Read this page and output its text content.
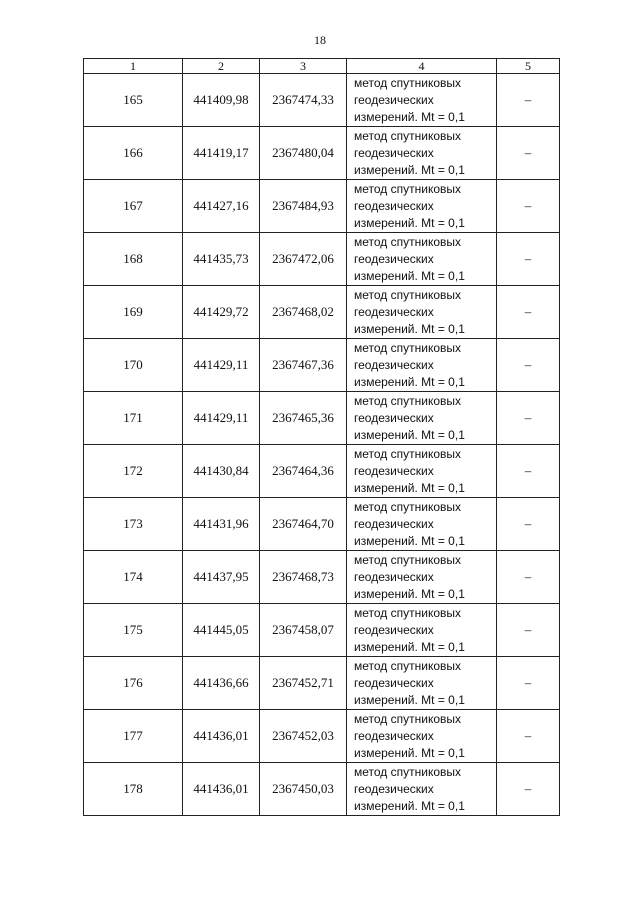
18
1	2	3	4	5
165	441409,98	2367474,33	метод спутниковых
геодезических
измерений. Mt = 0,1	–
166	441419,17	2367480,04	метод спутниковых
геодезических
измерений. Mt = 0,1	–
167	441427,16	2367484,93	метод спутниковых
геодезических
измерений. Mt = 0,1	–
168	441435,73	2367472,06	метод спутниковых
геодезических
измерений. Mt = 0,1	–
169	441429,72	2367468,02	метод спутниковых
геодезических
измерений. Mt = 0,1	–
170	441429,11	2367467,36	метод спутниковых
геодезических
измерений. Mt = 0,1	–
171	441429,11	2367465,36	метод спутниковых
геодезических
измерений. Mt = 0,1	–
172	441430,84	2367464,36	метод спутниковых
геодезических
измерений. Mt = 0,1	–
173	441431,96	2367464,70	метод спутниковых
геодезических
измерений. Mt = 0,1	–
174	441437,95	2367468,73	метод спутниковых
геодезических
измерений. Mt = 0,1	–
175	441445,05	2367458,07	метод спутниковых
геодезических
измерений. Mt = 0,1	–
176	441436,66	2367452,71	метод спутниковых
геодезических
измерений. Mt = 0,1	–
177	441436,01	2367452,03	метод спутниковых
геодезических
измерений. Mt = 0,1	–
178	441436,01	2367450,03	метод спутниковых
геодезических
измерений. Mt = 0,1	–
